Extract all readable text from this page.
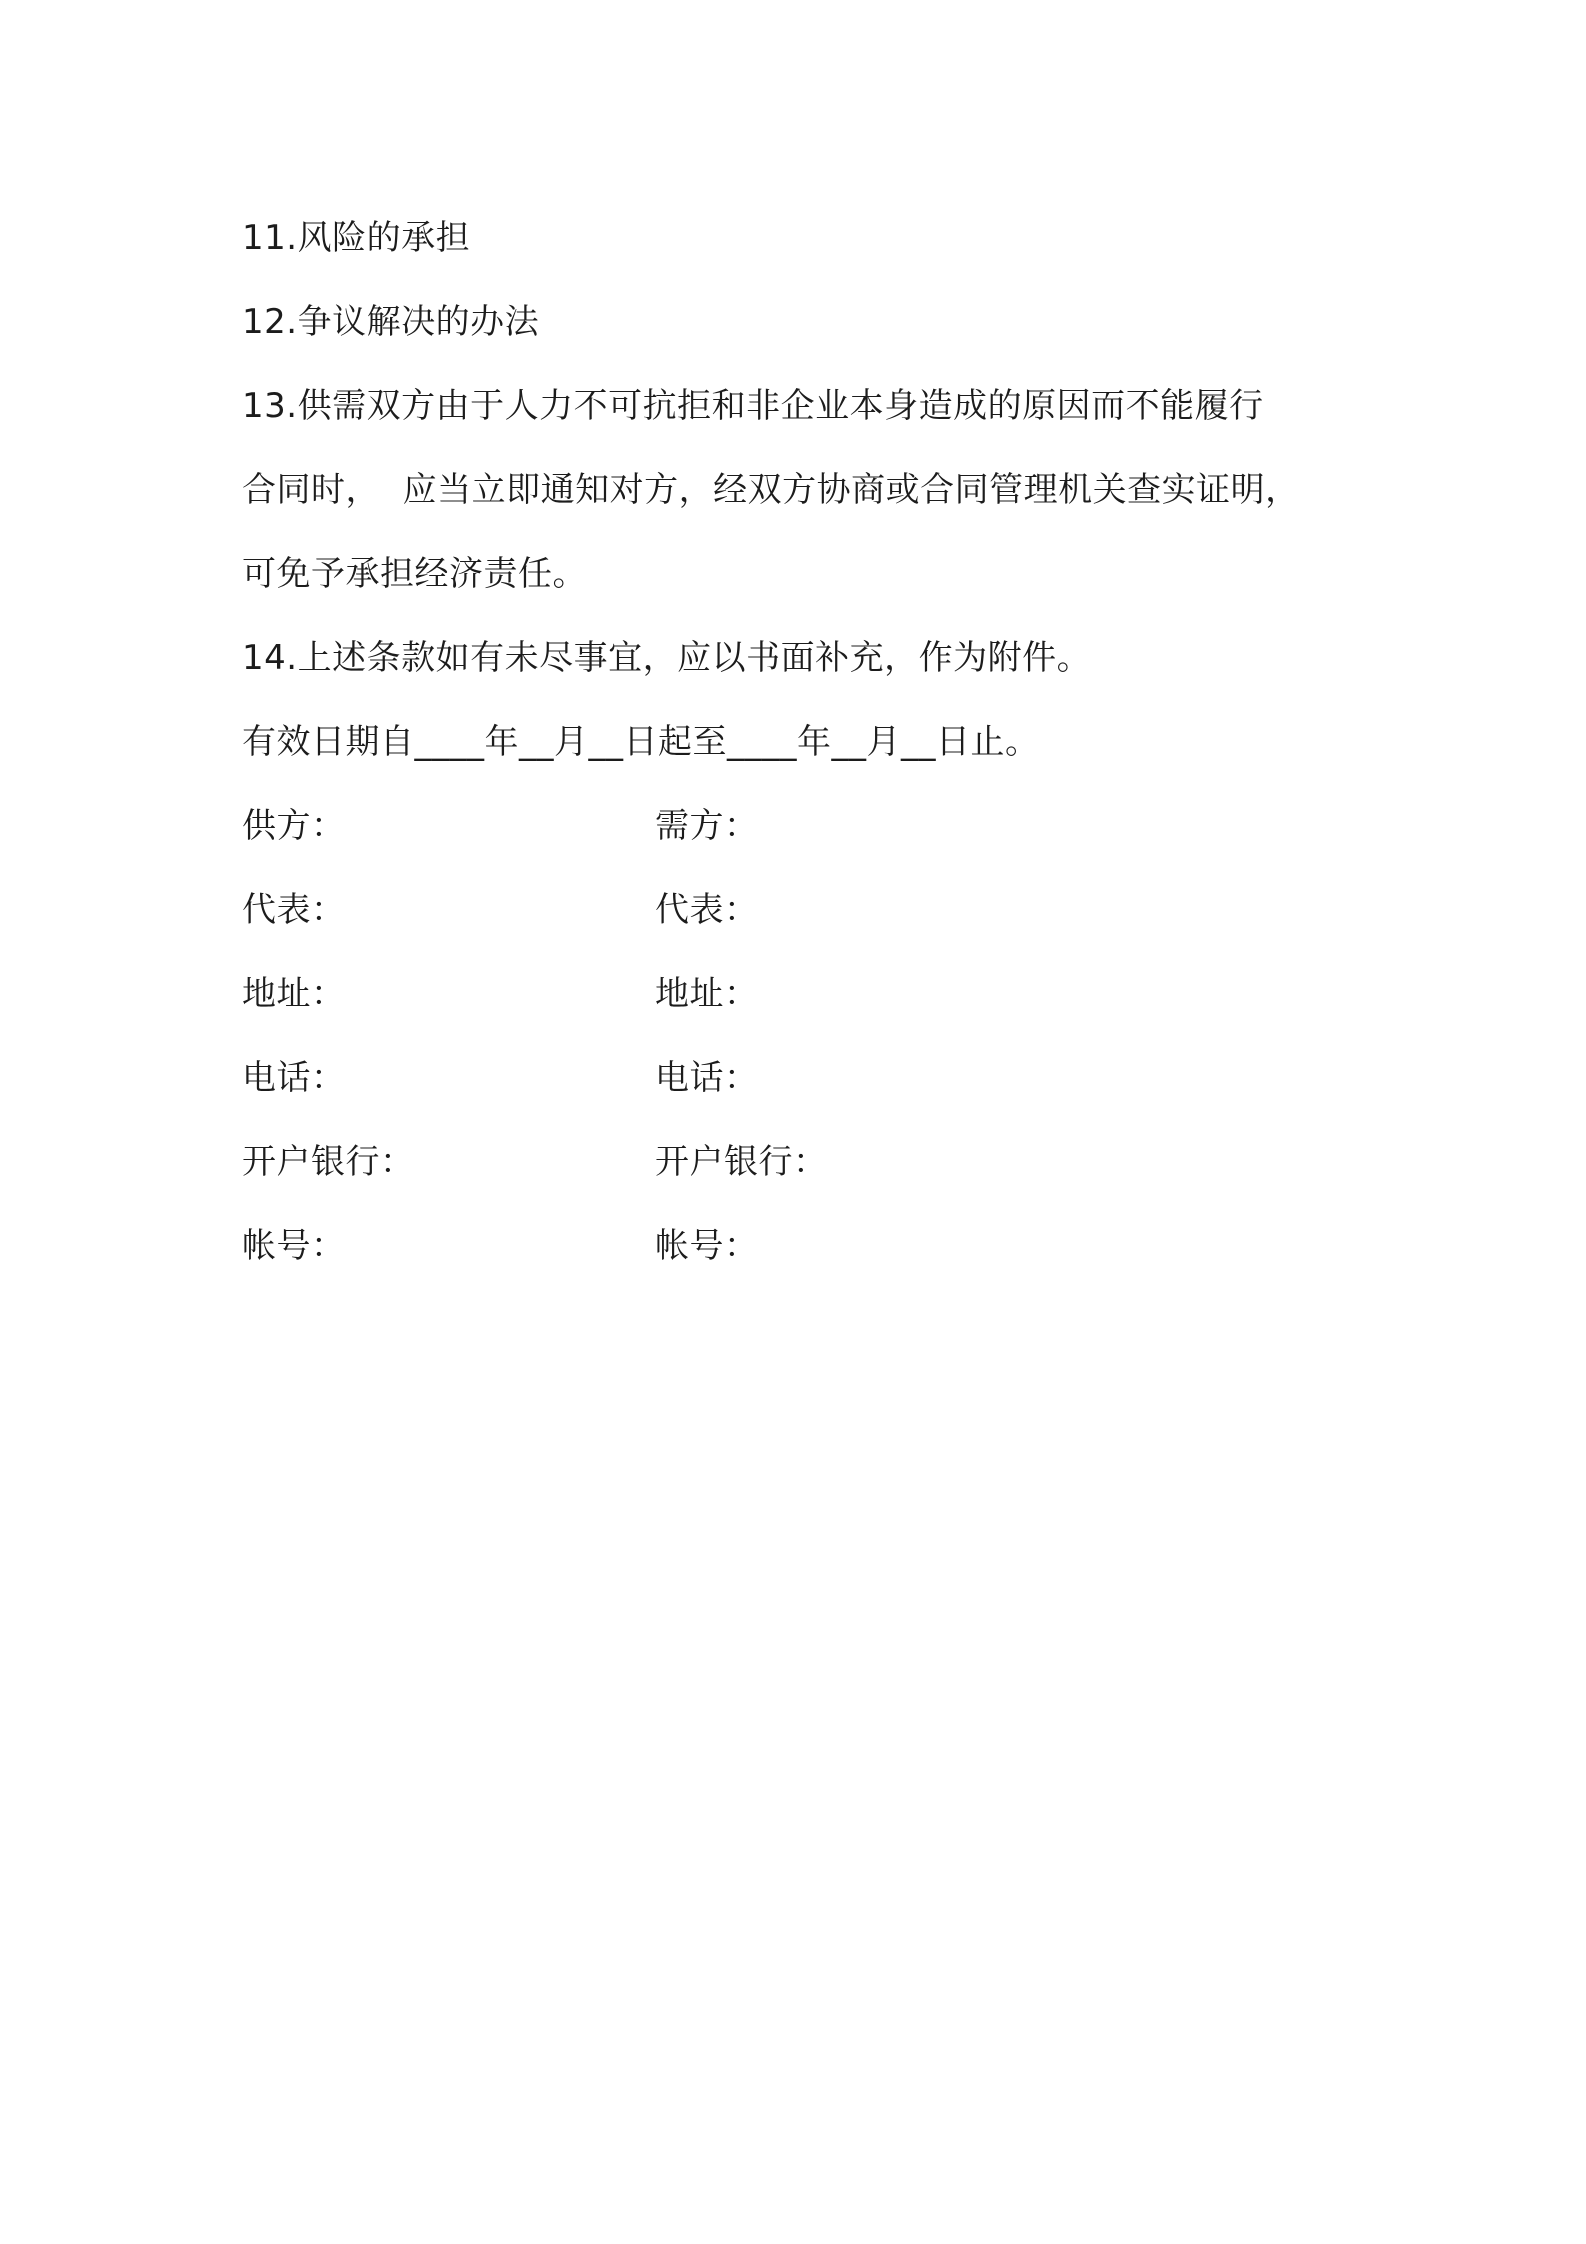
11.风险的承担
12.争议解决的办法
13.供需双方由于人力不可抗拒和非企业本身造成的原因而不能履行
合同时，  应当立即通知对方，经双方协商或合同管理机关查实证明，
可免予承担经济责任。
14.上述条款如有未尽事宜，应以书面补充，作为附件。
有效日期自____年__月__日起至____年__月__日止。
供方：	需方：
代表：	代表：
地址：	地址：
电话：	电话：
开户银行：	开户银行：
帐号：	帐号：
